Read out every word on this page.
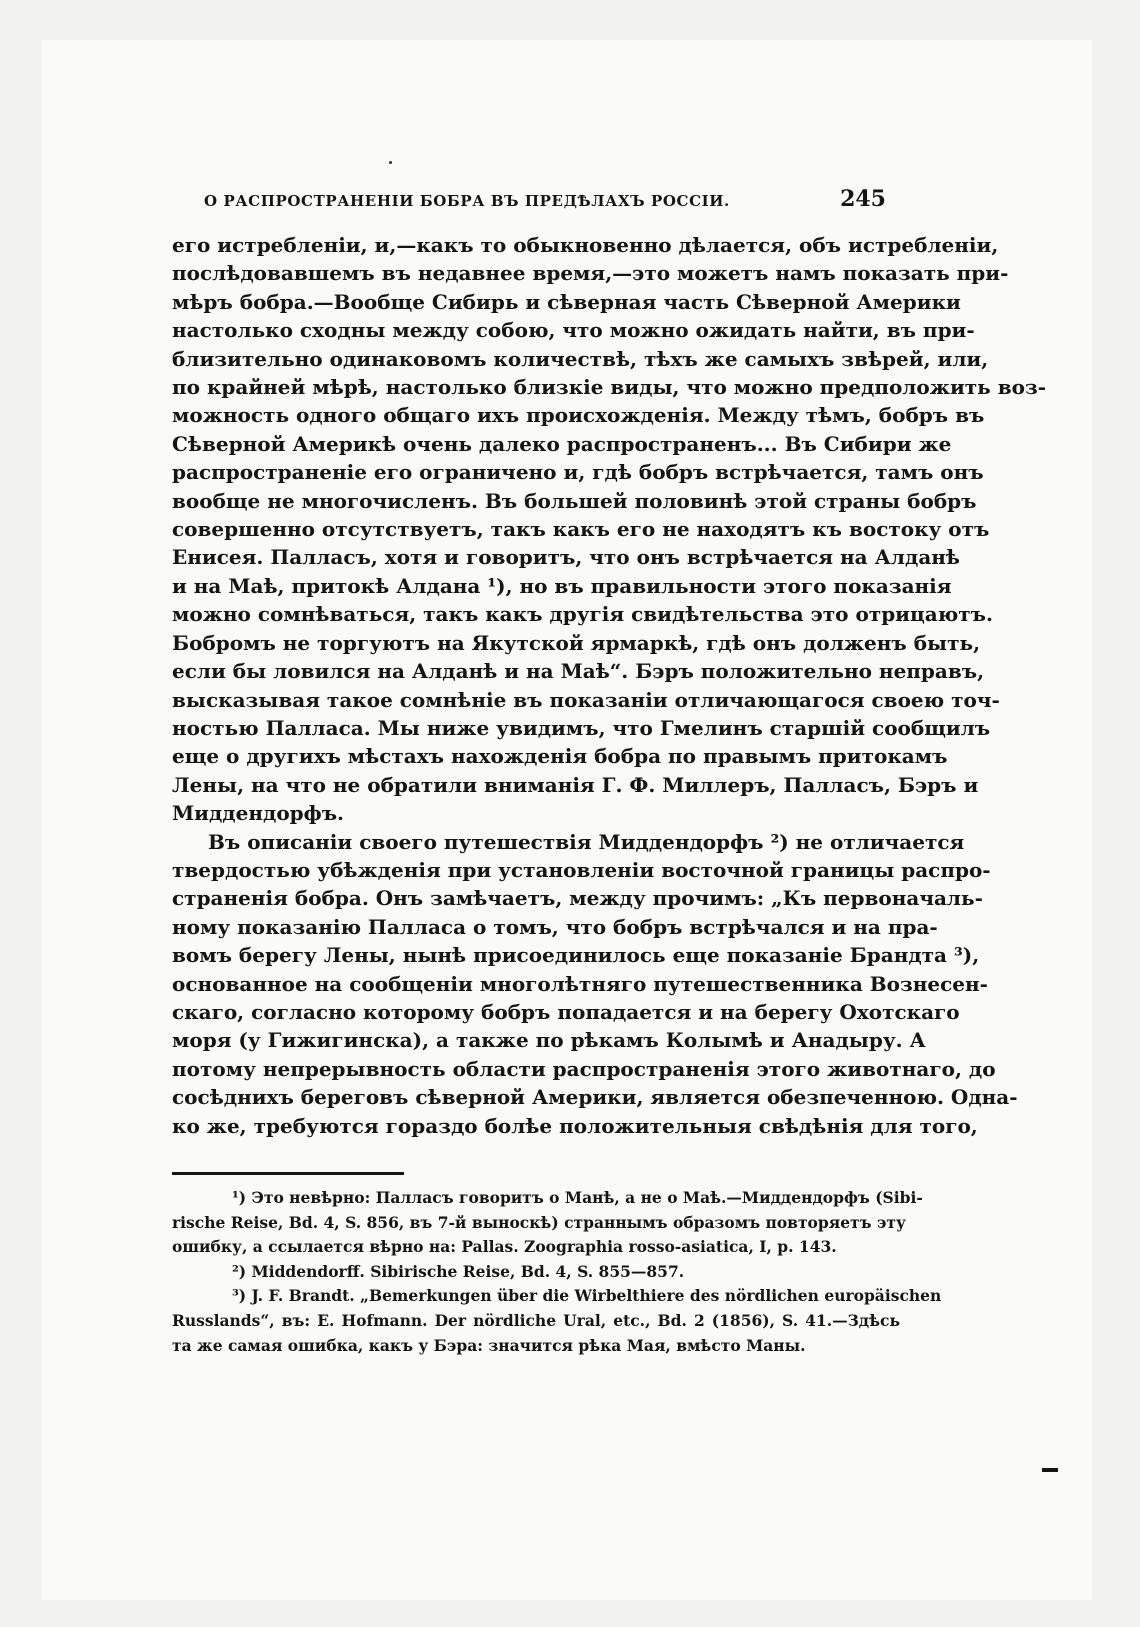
О РАСПРОСТРАНЕНІИ БОБРА ВЪ ПРЕДѢЛАХЪ РОССІИ.	245
его истребленіи, и,—какъ то обыкновенно дѣлается, объ истребленіи,
послѣдовавшемъ въ недавнее время,—это можетъ намъ показать при-
мѣръ бобра.—Вообще Сибирь и сѣверная часть Сѣверной Америки
настолько сходны между собою, что можно ожидать найти, въ при-
близительно одинаковомъ количествѣ, тѣхъ же самыхъ звѣрей, или,
по крайней мѣрѣ, настолько близкіе виды, что можно предположить воз-
можность одного общаго ихъ происхожденія. Между тѣмъ, бобръ въ
Сѣверной Америкѣ очень далеко распространенъ... Въ Сибири же
распространеніе его ограничено и, гдѣ бобръ встрѣчается, тамъ онъ
вообще не многочисленъ. Въ большей половинѣ этой страны бобръ
совершенно отсутствуетъ, такъ какъ его не находятъ къ востоку отъ
Енисея. Палласъ, хотя и говоритъ, что онъ встрѣчается на Алданѣ
и на Маѣ, притокѣ Алдана ¹), но въ правильности этого показанія
можно сомнѣваться, такъ какъ другія свидѣтельства это отрицаютъ.
Бобромъ не торгуютъ на Якутской ярмаркѣ, гдѣ онъ долженъ быть,
если бы ловился на Алданѣ и на Маѣ“. Бэръ положительно неправъ,
высказывая такое сомнѣніе въ показаніи отличающагося своею точ-
ностью Палласа. Мы ниже увидимъ, что Гмелинъ старшій сообщилъ
еще о другихъ мѣстахъ нахожденія бобра по правымъ притокамъ
Лены, на что не обратили вниманія Г. Ф. Миллеръ, Палласъ, Бэръ и
Миддендорфъ.
Въ описаніи своего путешествія Миддендорфъ ²) не отличается
твердостью убѣжденія при установленіи восточной границы распро-
страненія бобра. Онъ замѣчаетъ, между прочимъ: „Къ первоначаль-
ному показанію Палласа о томъ, что бобръ встрѣчался и на пра-
вомъ берегу Лены, нынѣ присоединилось еще показаніе Брандта ³),
основанное на сообщеніи многолѣтняго путешественника Вознесен-
скаго, согласно которому бобръ попадается и на берегу Охотскаго
моря (у Гижигинска), а также по рѣкамъ Колымѣ и Анадыру. А
потому непрерывность области распространенія этого животнаго, до
сосѣднихъ береговъ сѣверной Америки, является обезпеченною. Одна-
ко же, требуются гораздо болѣе положительныя свѣдѣнія для того,
¹) Это невѣрно: Палласъ говоритъ о Манѣ, а не о Маѣ.—Миддендорфъ (Sibi-
rische Reise, Bd. 4, S. 856, въ 7-й выноскѣ) страннымъ образомъ повторяетъ эту
ошибку, а ссылается вѣрно на: Pallas. Zoographia rosso-asiatica, I, p. 143.
²) Middendorff. Sibirische Reise, Bd. 4, S. 855—857.
³) J. F. Brandt. „Bemerkungen über die Wirbelthiere des nördlichen europäischen
Russlands“, въ: E. Hofmann. Der nördliche Ural, etc., Bd. 2 (1856), S. 41.—Здѣсь
та же самая ошибка, какъ у Бэра: значится рѣка Мая, вмѣсто Маны.
